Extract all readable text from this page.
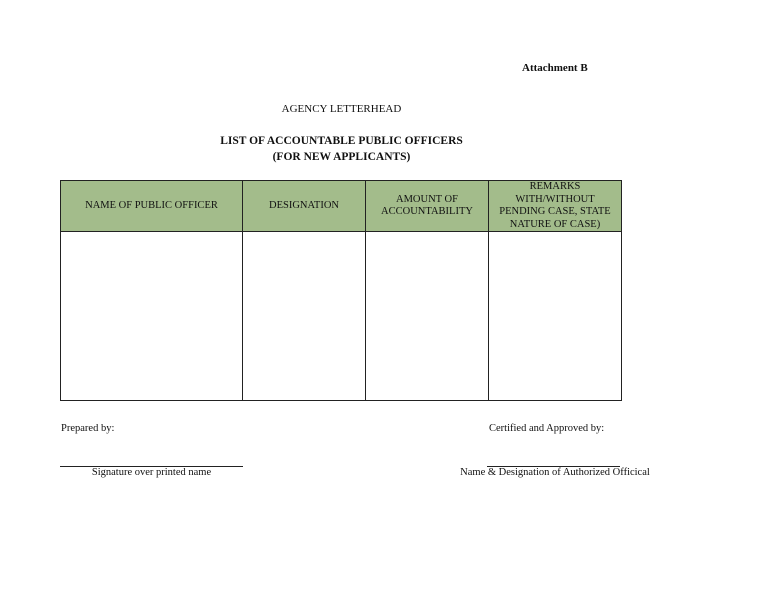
Attachment B
AGENCY LETTERHEAD
LIST OF ACCOUNTABLE PUBLIC OFFICERS
(FOR NEW APPLICANTS)
NAME OF PUBLIC OFFICER	DESIGNATION	AMOUNT OF ACCOUNTABILITY	REMARKS WITH/WITHOUT PENDING CASE, STATE NATURE OF CASE)

Prepared by:	Certified and Approved by:
Signature over printed name	Name & Designation of Authorized Officical
